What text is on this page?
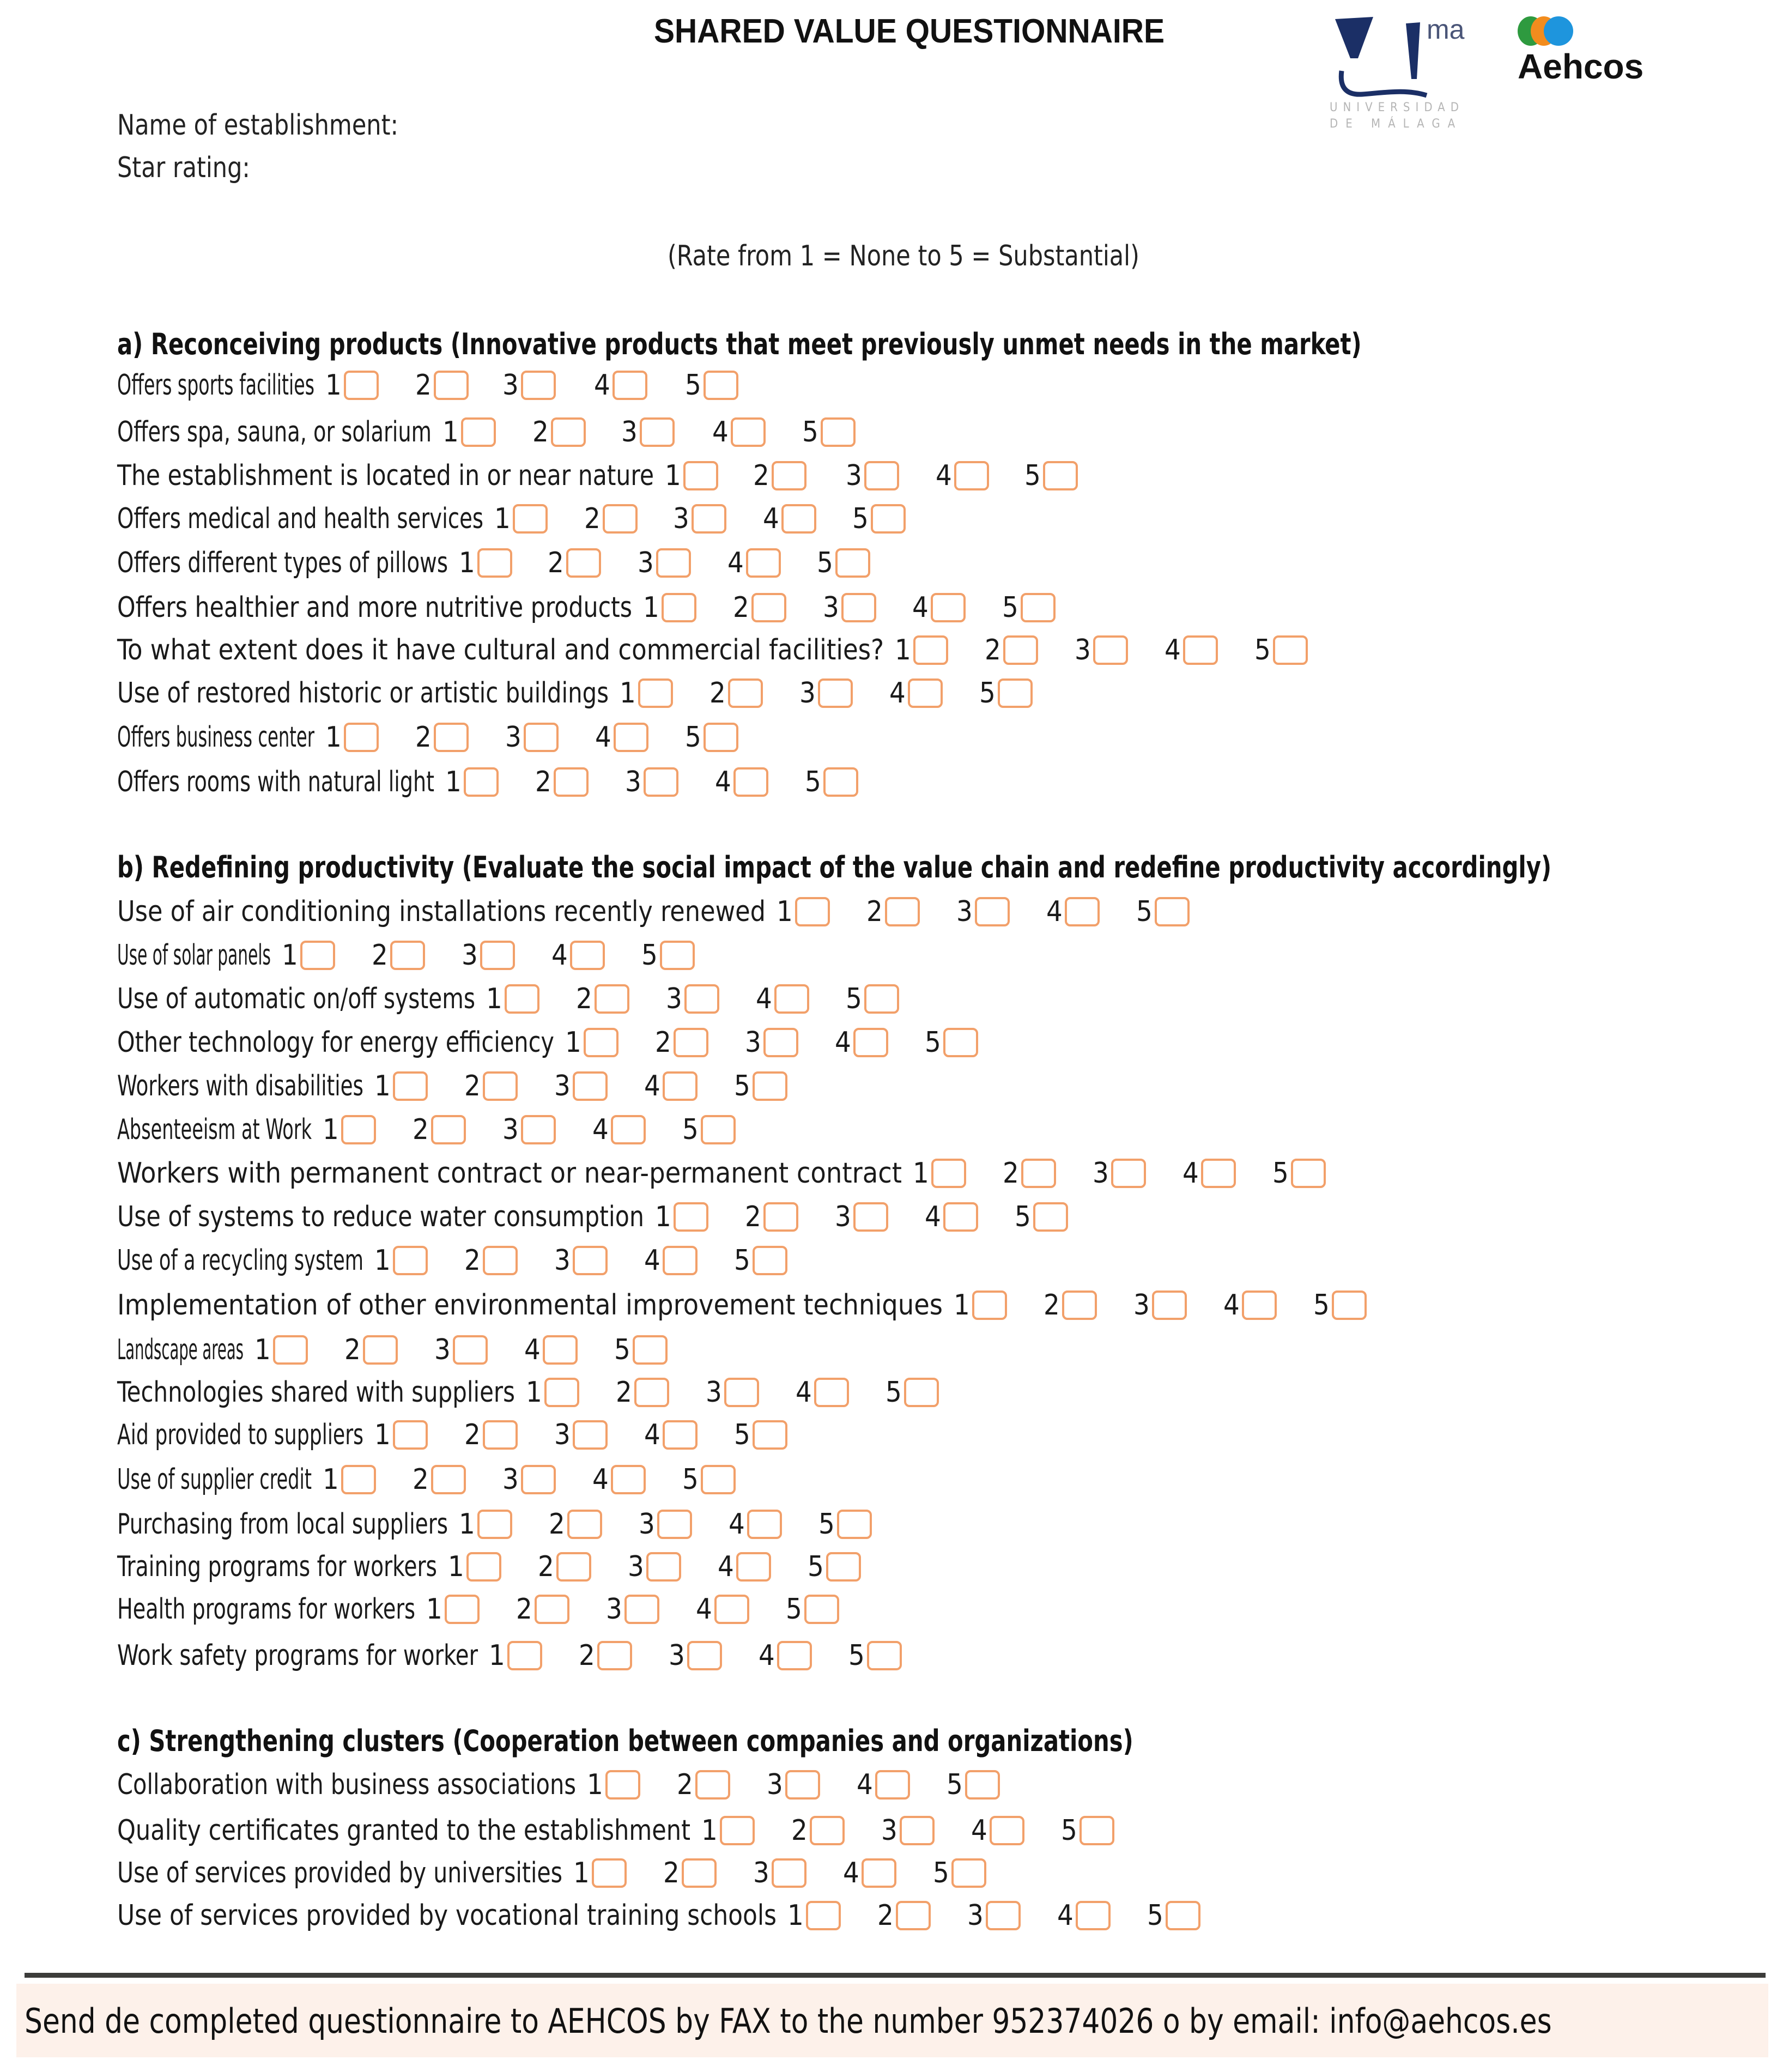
SHARED VALUE QUESTIONNAIRE	ma
UNIVERSIDAD
DE MÁLAGA
Aehcos
Name of establishment:
Star rating:
(Rate from 1 = None to 5 = Substantial)
a) Reconceiving products (Innovative products that meet previously unmet needs in the market)
Offers sports facilities 1	2	3	4	5
Offers spa, sauna, or solarium 1	2	3	4	5
The establishment is located in or near nature 1	2	3	4	5
Offers medical and health services 1	2	3	4	5
Offers different types of pillows 1	2	3	4	5
Offers healthier and more nutritive products 1	2	3	4	5
To what extent does it have cultural and commercial facilities? 1	2	3	4	5
Use of restored historic or artistic buildings 1	2	3	4	5
Offers business center 1	2	3	4	5
Offers rooms with natural light 1	2	3	4	5
b) Redefining productivity (Evaluate the social impact of the value chain and redefine productivity accordingly)
Use of air conditioning installations recently renewed 1	2	3	4	5
Use of solar panels 1	2	3	4	5
Use of automatic on/off systems 1	2	3	4	5
Other technology for energy efficiency 1	2	3	4	5
Workers with disabilities 1	2	3	4	5
Absenteeism at Work 1	2	3	4	5
Workers with permanent contract or near-permanent contract 1	2	3	4	5
Use of systems to reduce water consumption 1	2	3	4	5
Use of a recycling system 1	2	3	4	5
Implementation of other environmental improvement techniques 1	2	3	4	5
Landscape areas 1	2	3	4	5
Technologies shared with suppliers 1	2	3	4	5
Aid provided to suppliers 1	2	3	4	5
Use of supplier credit 1	2	3	4	5
Purchasing from local suppliers 1	2	3	4	5
Training programs for workers 1	2	3	4	5
Health programs for workers 1	2	3	4	5
Work safety programs for worker 1	2	3	4	5
c) Strengthening clusters (Cooperation between companies and organizations)
Collaboration with business associations 1	2	3	4	5
Quality certificates granted to the establishment 1	2	3	4	5
Use of services provided by universities 1	2	3	4	5
Use of services provided by vocational training schools 1	2	3	4	5
Send de completed questionnaire to AEHCOS by FAX to the number 952374026 o by email: info@aehcos.es
